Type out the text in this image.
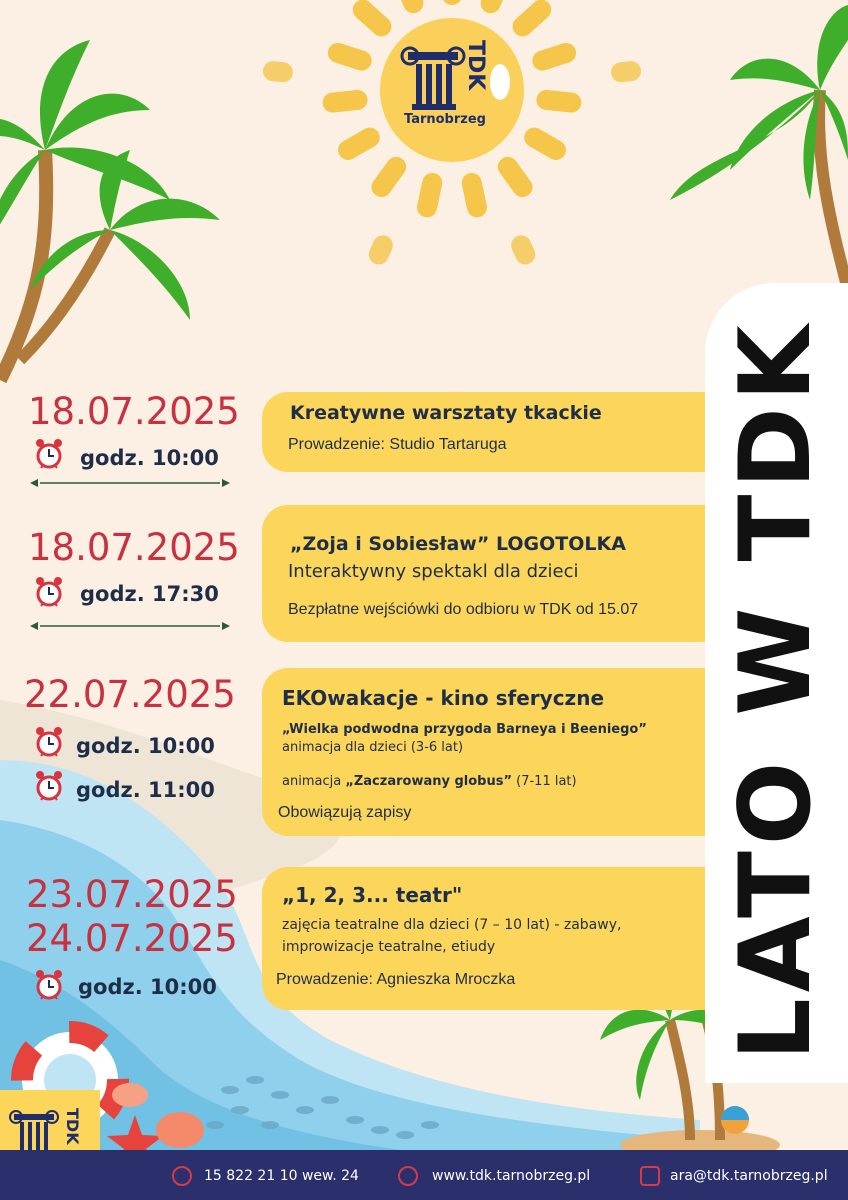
TDK
Tarnobrzeg
LATO W TDK
18.07.2025
godz. 10:00
Kreatywne warsztaty tkackie
Prowadzenie: Studio Tartaruga
18.07.2025
godz. 17:30
„Zoja i Sobiesław” LOGOTOLKA
Interaktywny spektakl dla dzieci
Bezpłatne wejściówki do odbioru w TDK od 15.07
22.07.2025
godz. 10:00
godz. 11:00
EKOwakacje - kino sferyczne
„Wielka podwodna przygoda Barneya i Beeniego”
animacja dla dzieci (3-6 lat)
animacja „Zaczarowany globus” (7-11 lat)
Obowiązują zapisy
23.07.2025
24.07.2025
godz. 10:00
„1, 2, 3... teatr"
zajęcia teatralne dla dzieci (7 – 10 lat) - zabawy,
improwizacje teatralne, etiudy
Prowadzenie: Agnieszka Mroczka
TDK
15 822 21 10 wew. 24	www.tdk.tarnobrzeg.pl	ara@tdk.tarnobrzeg.pl
